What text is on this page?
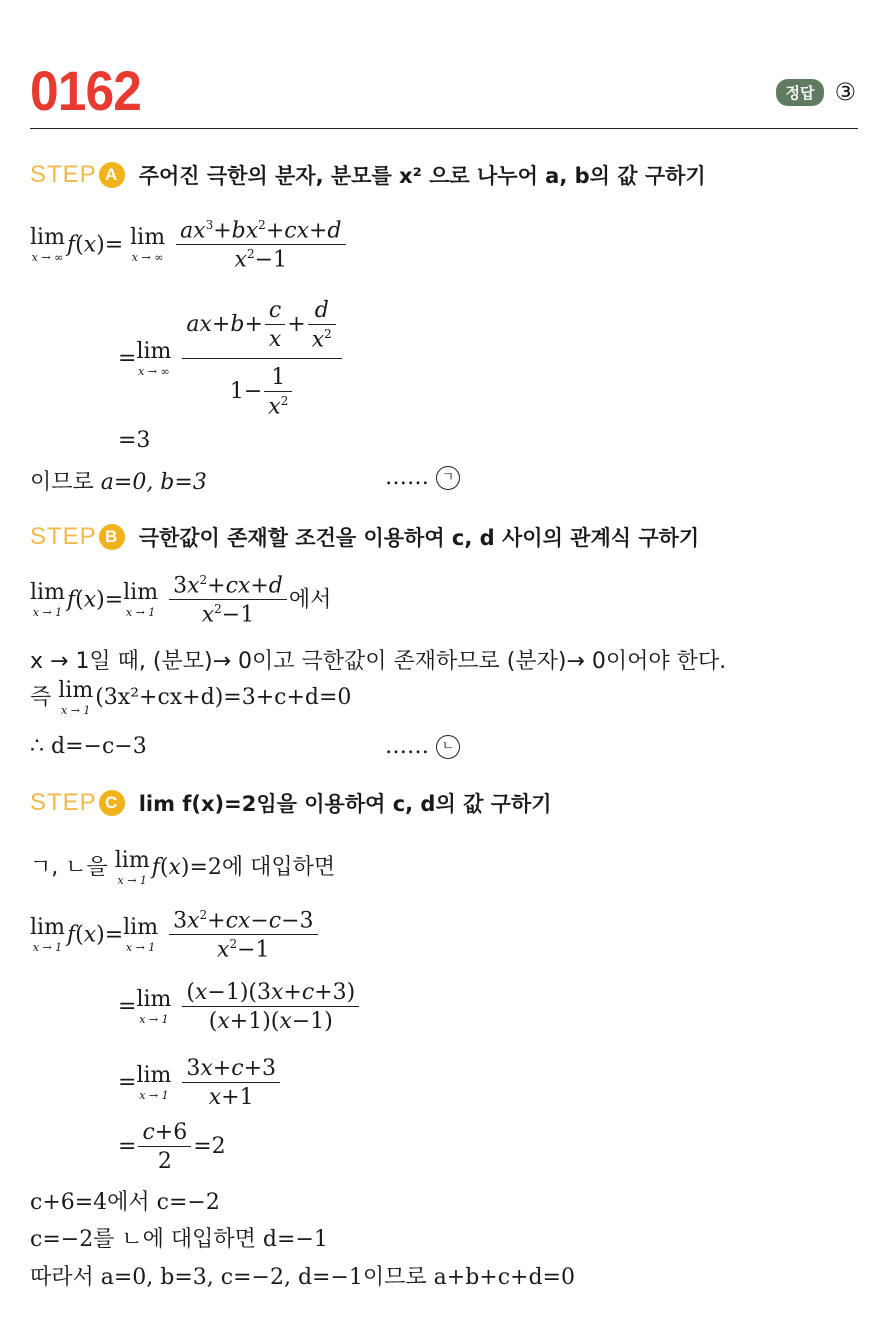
0162	정답 ③
STEP A 주어진 극한의 분자, 분모를 x² 으로 나누어 a, b의 값 구하기
lim
x → ∞
f(x)= lim
x → ∞
$\frac{ax^3+bx^2+cx+d}{x^2-1}$
= lim
x → ∞
$\frac{ax+b+ \frac{c}{x} + \frac{d}{x^2}}{1- \frac{1}{x^2}}$
=3
이므로 a=0, b=3	…… ㄱ
STEP B 극한값이 존재할 조건을 이용하여 c, d 사이의 관계식 구하기
lim
x → 1
f(x)= lim
x → 1
$\frac{3x^2+cx+d}{x^2-1}$ 에서
x → 1일 때, (분모)→ 0이고 극한값이 존재하므로 (분자)→ 0이어야 한다.
즉 lim
x → 1
(3x²+cx+d)=3+c+d=0
∴ d=−c−3	…… ㄴ
STEP C lim f(x)=2임을 이용하여 c, d의 값 구하기
ㄱ, ㄴ을 lim
x → 1
f(x)=2에 대입하면
lim
x → 1
f(x)= lim
x → 1
$\frac{3x^2+cx-c-3}{x^2-1}$
= lim
x → 1
$\frac{(x-1)(3x+c+3)}{(x+1)(x-1)}$
= lim
x → 1
$\frac{3x+c+3}{x+1}$
= $\frac{c+6}{2} =2$
c+6=4에서 c=−2
c=−2를 ㄴ에 대입하면 d=−1
따라서 a=0, b=3, c=−2, d=−1이므로 a+b+c+d=0
